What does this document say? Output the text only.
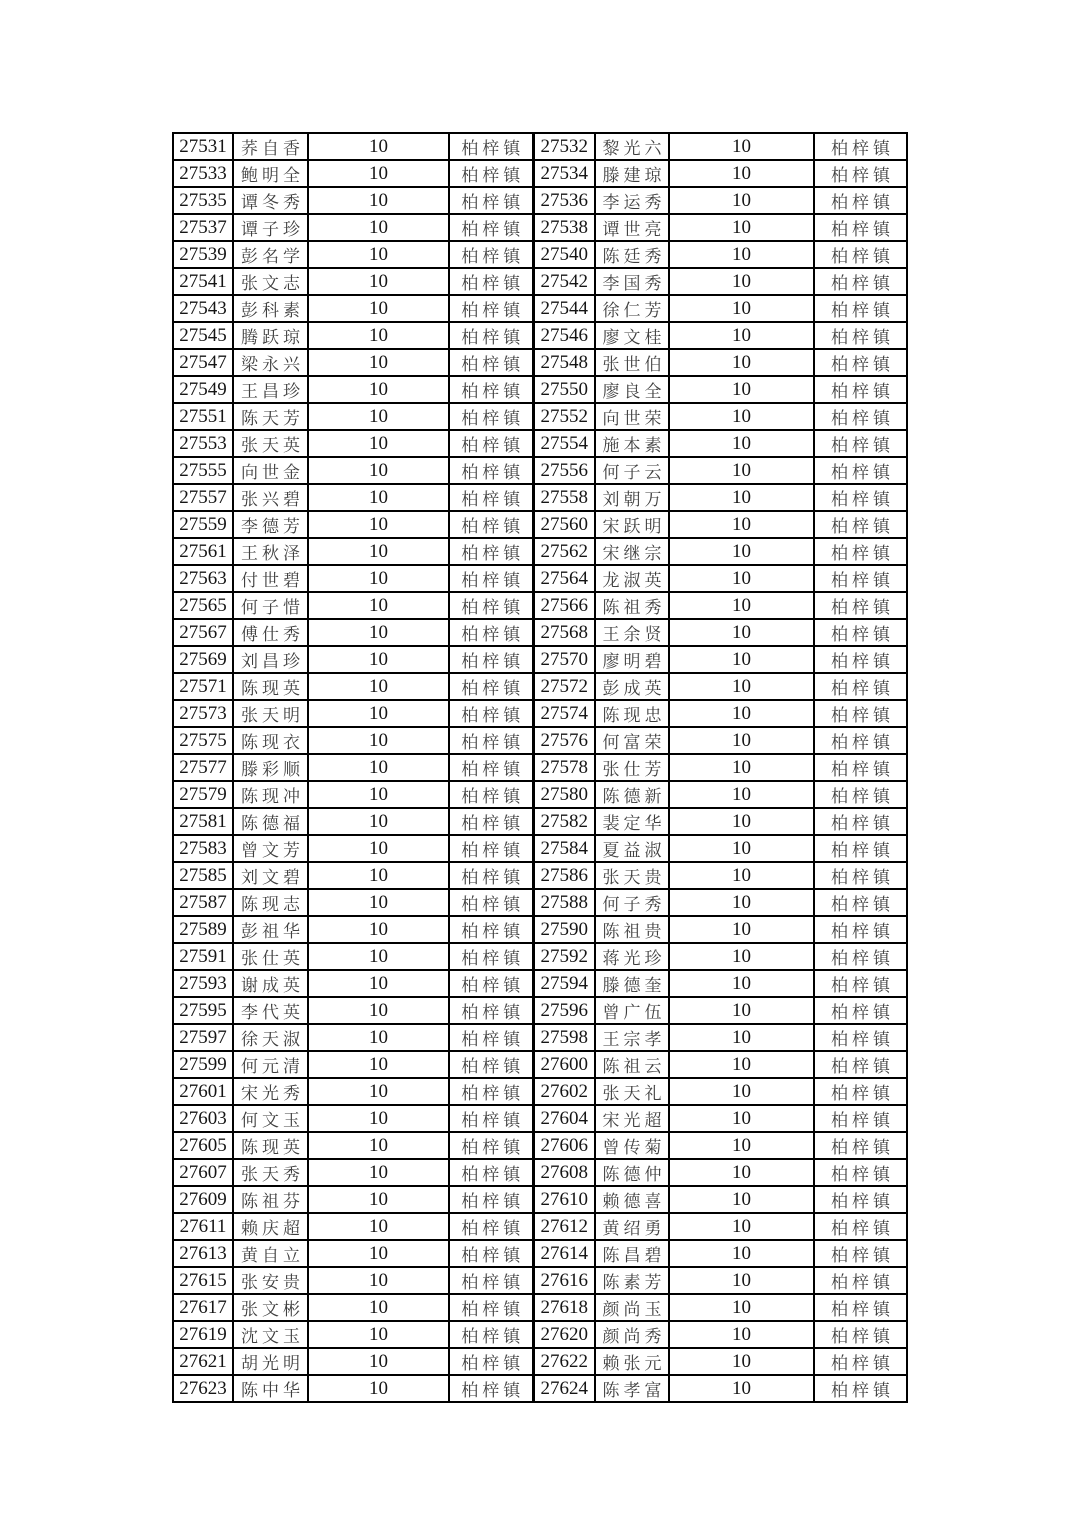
27531	荞自香	10	柏梓镇	27532	黎光六	10	柏梓镇
27533	鲍明全	10	柏梓镇	27534	滕建琼	10	柏梓镇
27535	谭冬秀	10	柏梓镇	27536	李运秀	10	柏梓镇
27537	谭子珍	10	柏梓镇	27538	谭世亮	10	柏梓镇
27539	彭名学	10	柏梓镇	27540	陈廷秀	10	柏梓镇
27541	张文志	10	柏梓镇	27542	李国秀	10	柏梓镇
27543	彭科素	10	柏梓镇	27544	徐仁芳	10	柏梓镇
27545	腾跃琼	10	柏梓镇	27546	廖文桂	10	柏梓镇
27547	梁永兴	10	柏梓镇	27548	张世伯	10	柏梓镇
27549	王昌珍	10	柏梓镇	27550	廖良全	10	柏梓镇
27551	陈天芳	10	柏梓镇	27552	向世荣	10	柏梓镇
27553	张天英	10	柏梓镇	27554	施本素	10	柏梓镇
27555	向世金	10	柏梓镇	27556	何子云	10	柏梓镇
27557	张兴碧	10	柏梓镇	27558	刘朝万	10	柏梓镇
27559	李德芳	10	柏梓镇	27560	宋跃明	10	柏梓镇
27561	王秋泽	10	柏梓镇	27562	宋继宗	10	柏梓镇
27563	付世碧	10	柏梓镇	27564	龙淑英	10	柏梓镇
27565	何子惜	10	柏梓镇	27566	陈祖秀	10	柏梓镇
27567	傅仕秀	10	柏梓镇	27568	王余贤	10	柏梓镇
27569	刘昌珍	10	柏梓镇	27570	廖明碧	10	柏梓镇
27571	陈现英	10	柏梓镇	27572	彭成英	10	柏梓镇
27573	张天明	10	柏梓镇	27574	陈现忠	10	柏梓镇
27575	陈现衣	10	柏梓镇	27576	何富荣	10	柏梓镇
27577	滕彩顺	10	柏梓镇	27578	张仕芳	10	柏梓镇
27579	陈现冲	10	柏梓镇	27580	陈德新	10	柏梓镇
27581	陈德福	10	柏梓镇	27582	裴定华	10	柏梓镇
27583	曾文芳	10	柏梓镇	27584	夏益淑	10	柏梓镇
27585	刘文碧	10	柏梓镇	27586	张天贵	10	柏梓镇
27587	陈现志	10	柏梓镇	27588	何子秀	10	柏梓镇
27589	彭祖华	10	柏梓镇	27590	陈祖贵	10	柏梓镇
27591	张仕英	10	柏梓镇	27592	蒋光珍	10	柏梓镇
27593	谢成英	10	柏梓镇	27594	滕德奎	10	柏梓镇
27595	李代英	10	柏梓镇	27596	曾广伍	10	柏梓镇
27597	徐天淑	10	柏梓镇	27598	王宗孝	10	柏梓镇
27599	何元清	10	柏梓镇	27600	陈祖云	10	柏梓镇
27601	宋光秀	10	柏梓镇	27602	张天礼	10	柏梓镇
27603	何文玉	10	柏梓镇	27604	宋光超	10	柏梓镇
27605	陈现英	10	柏梓镇	27606	曾传菊	10	柏梓镇
27607	张天秀	10	柏梓镇	27608	陈德仲	10	柏梓镇
27609	陈祖芬	10	柏梓镇	27610	赖德喜	10	柏梓镇
27611	赖庆超	10	柏梓镇	27612	黄绍勇	10	柏梓镇
27613	黄自立	10	柏梓镇	27614	陈昌碧	10	柏梓镇
27615	张安贵	10	柏梓镇	27616	陈素芳	10	柏梓镇
27617	张文彬	10	柏梓镇	27618	颜尚玉	10	柏梓镇
27619	沈文玉	10	柏梓镇	27620	颜尚秀	10	柏梓镇
27621	胡光明	10	柏梓镇	27622	赖张元	10	柏梓镇
27623	陈中华	10	柏梓镇	27624	陈孝富	10	柏梓镇
